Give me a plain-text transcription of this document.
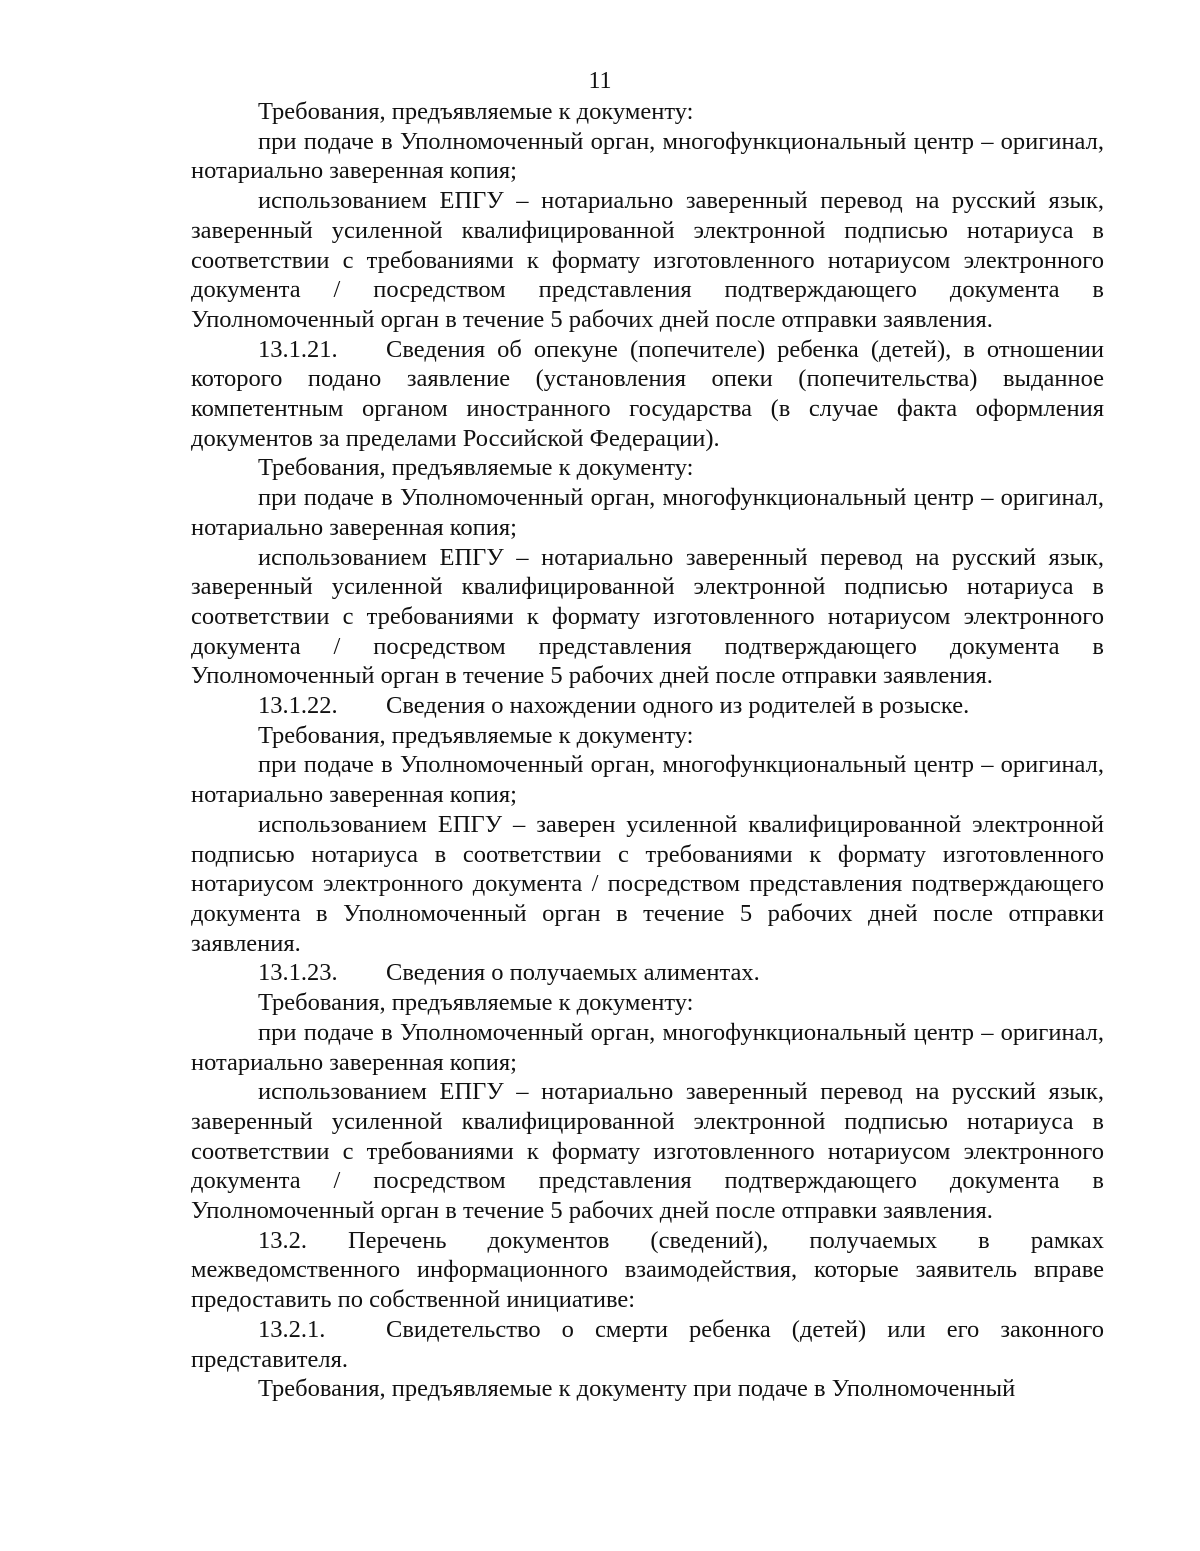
11

Требования, предъявляемые к документу:

при подаче в Уполномоченный орган, многофункциональный центр – оригинал, нотариально заверенная копия;

использованием ЕПГУ – нотариально заверенный перевод на русский язык, заверенный усиленной квалифицированной электронной подписью нотариуса в соответствии с требованиями к формату изготовленного нотариусом электронного документа / посредством представления подтверждающего документа в Уполномоченный орган в течение 5 рабочих дней после отправки заявления.

13.1.21. Сведения об опекуне (попечителе) ребенка (детей), в отношении которого подано заявление (установления опеки (попечительства) выданное компетентным органом иностранного государства (в случае факта оформления документов за пределами Российской Федерации).

Требования, предъявляемые к документу:

при подаче в Уполномоченный орган, многофункциональный центр – оригинал, нотариально заверенная копия;

использованием ЕПГУ – нотариально заверенный перевод на русский язык, заверенный усиленной квалифицированной электронной подписью нотариуса в соответствии с требованиями к формату изготовленного нотариусом электронного документа / посредством представления подтверждающего документа в Уполномоченный орган в течение 5 рабочих дней после отправки заявления.

13.1.22. Сведения о нахождении одного из родителей в розыске.

Требования, предъявляемые к документу:

при подаче в Уполномоченный орган, многофункциональный центр – оригинал, нотариально заверенная копия;

использованием ЕПГУ – заверен усиленной квалифицированной электронной подписью нотариуса в соответствии с требованиями к формату изготовленного нотариусом электронного документа / посредством представления подтверждающего документа в Уполномоченный орган в течение 5 рабочих дней после отправки заявления.

13.1.23. Сведения о получаемых алиментах.

Требования, предъявляемые к документу:

при подаче в Уполномоченный орган, многофункциональный центр – оригинал, нотариально заверенная копия;

использованием ЕПГУ – нотариально заверенный перевод на русский язык, заверенный усиленной квалифицированной электронной подписью нотариуса в соответствии с требованиями к формату изготовленного нотариусом электронного документа / посредством представления подтверждающего документа в Уполномоченный орган в течение 5 рабочих дней после отправки заявления.

13.2. Перечень документов (сведений), получаемых в рамках межведомственного информационного взаимодействия, которые заявитель вправе предоставить по собственной инициативе:

13.2.1. Свидетельство о смерти ребенка (детей) или его законного представителя.

Требования, предъявляемые к документу при подаче в Уполномоченный
